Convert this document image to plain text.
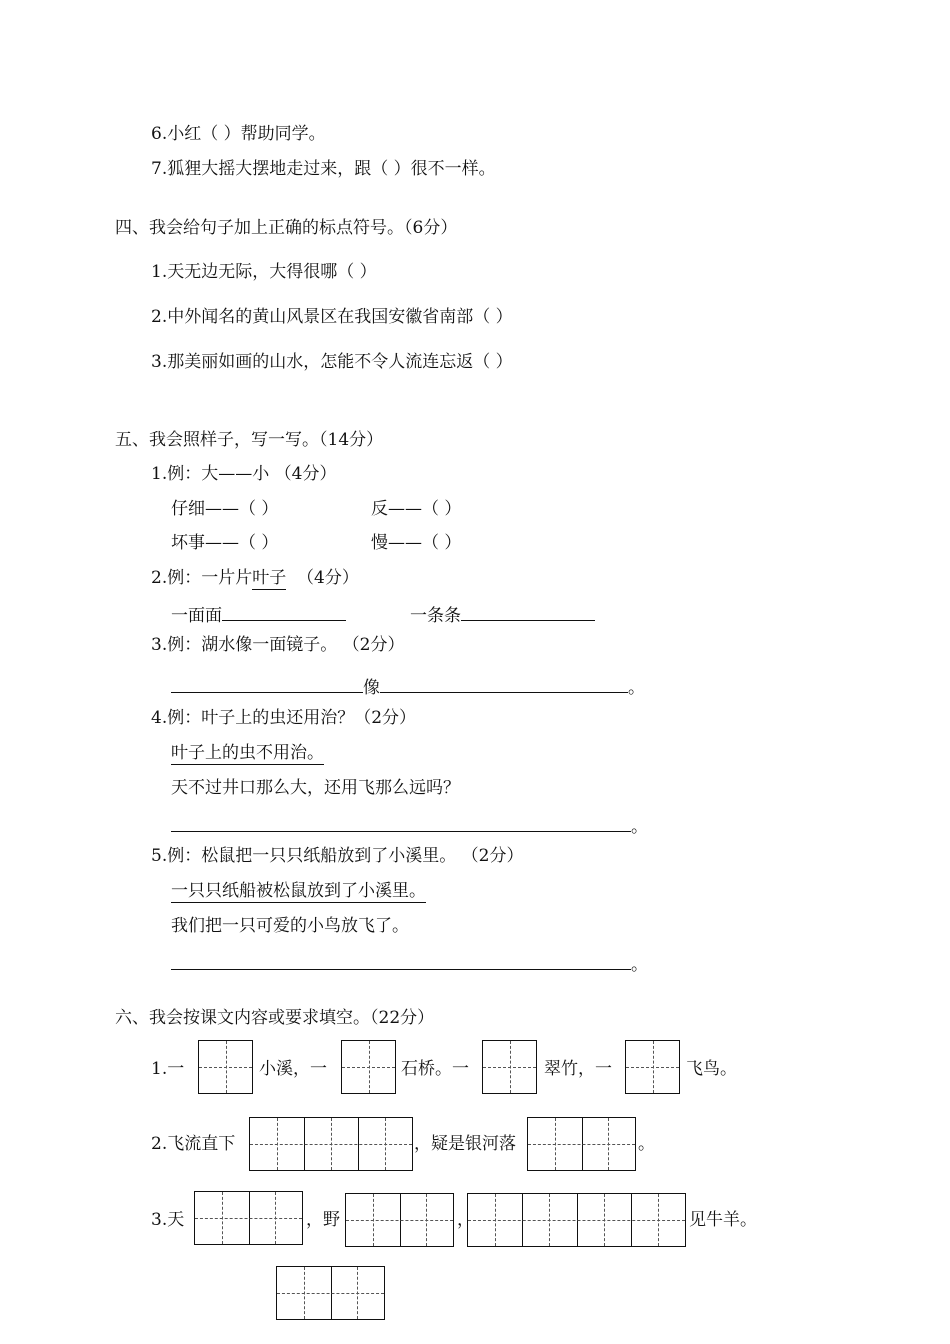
6.小红（ ）帮助同学。
7.狐狸大摇大摆地走过来，跟（ ）很不一样。
四、我会给句子加上正确的标点符号。（6分）
1.天无边无际，大得很哪（ ）
2.中外闻名的黄山风景区在我国安徽省南部（ ）
3.那美丽如画的山水，怎能不令人流连忘返（ ）
五、我会照样子，写一写。（14分）
1.例：大——小 （4分）
仔细——（ ）	反——（ ）
坏事——（ ）	慢——（ ）
2.例：一片片叶子 （4分）
一面面	一条条
3.例：湖水像一面镜子。 （2分）
像	。
4.例：叶子上的虫还用治？（2分）
叶子上的虫不用治。
天不过井口那么大，还用飞那么远吗？
。
5.例：松鼠把一只只纸船放到了小溪里。 （2分）
一只只纸船被松鼠放到了小溪里。
我们把一只可爱的小鸟放飞了。
。
六、我会按课文内容或要求填空。（22分）
1.一	小溪，一	石桥。一	翠竹，一	飞鸟。
2.飞流直下	，疑是银河落	。
3.天	，野	，	见牛羊。
